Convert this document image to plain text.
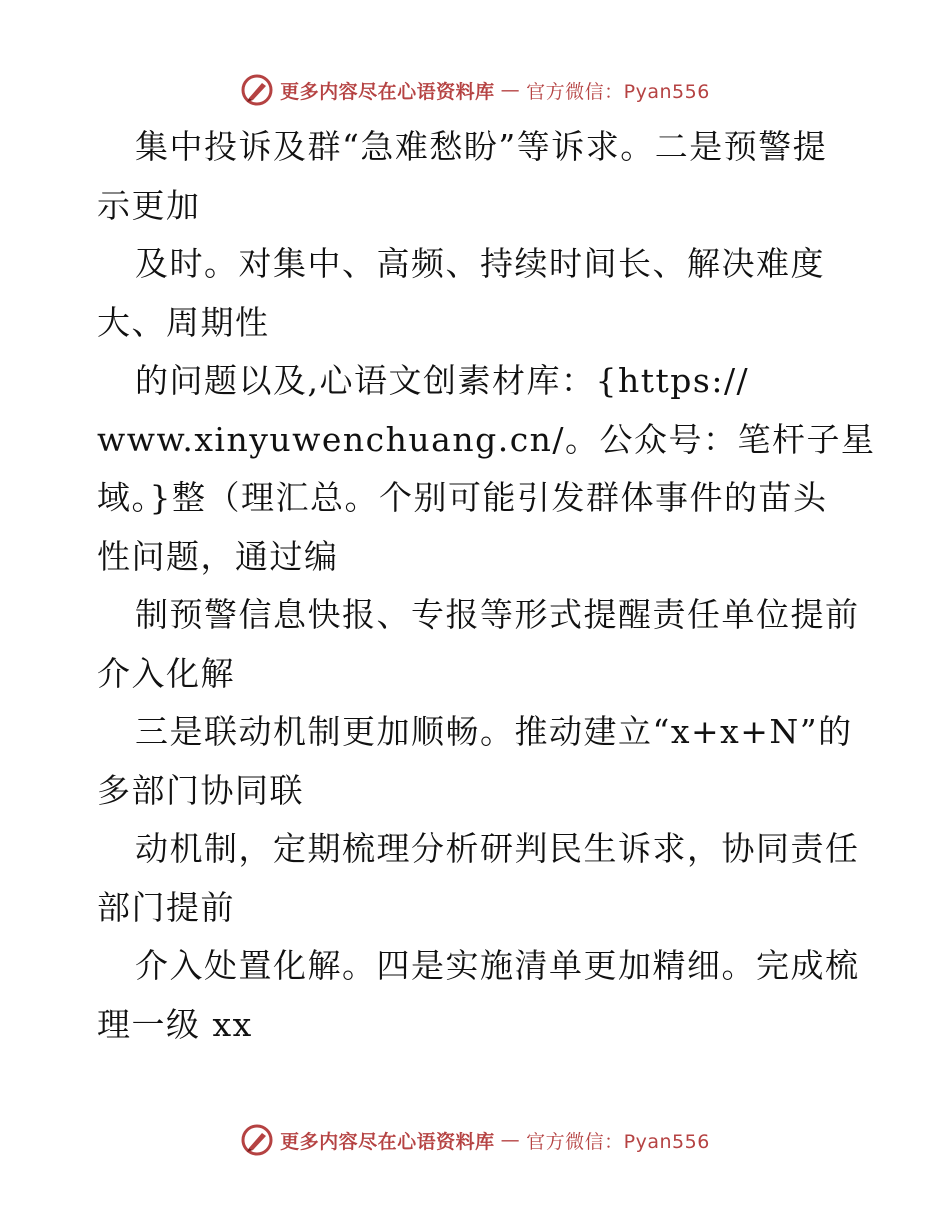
更多内容尽在心语资料库 — 官方微信：Pyan556
集中投诉及群“急难愁盼”等诉求。二是预警提
示更加
及时。对集中、高频、持续时间长、解决难度
大、周期性
的问题以及,心语文创素材库：{https://
www.xinyuwenchuang.cn/。公众号：笔杆子星
域。}整（理汇总。个别可能引发群体事件的苗头
性问题，通过编
制预警信息快报、专报等形式提醒责任单位提前
介入化解
三是联动机制更加顺畅。推动建立“x+x+N”的
多部门协同联
动机制，定期梳理分析研判民生诉求，协同责任
部门提前
介入处置化解。四是实施清单更加精细。完成梳
理一级 xx
更多内容尽在心语资料库 — 官方微信：Pyan556
